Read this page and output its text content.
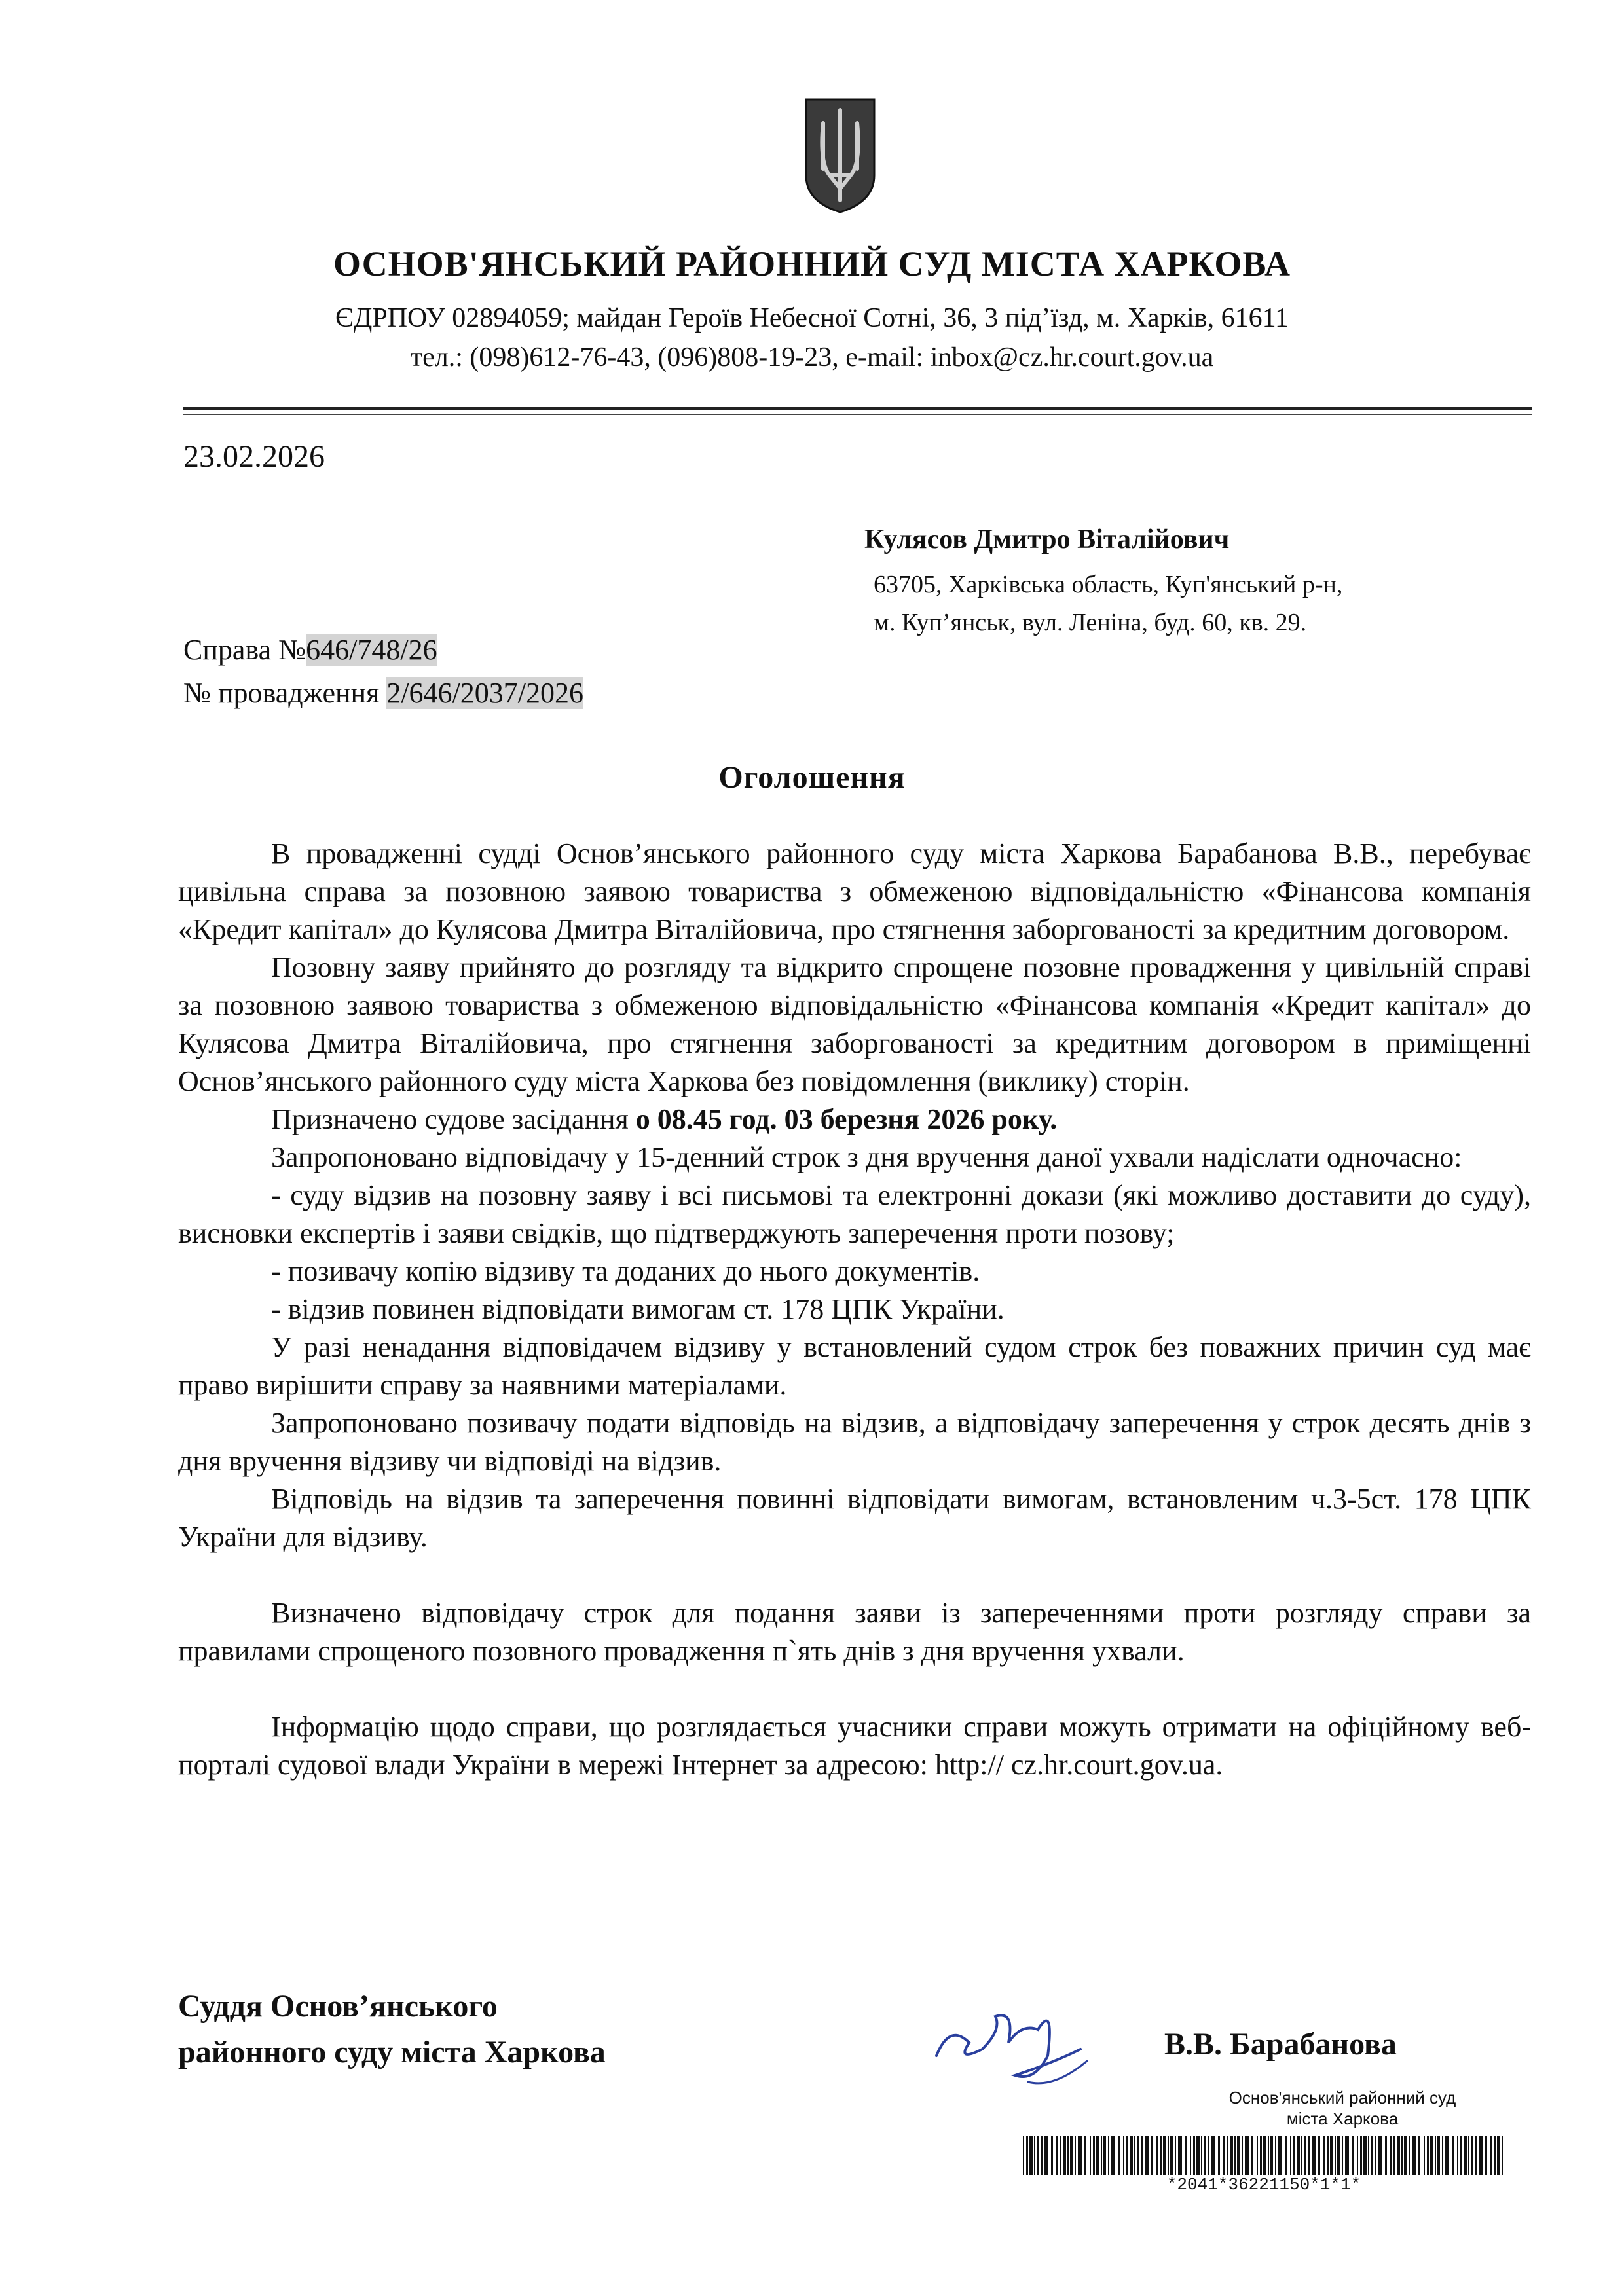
ОСНОВ'ЯНСЬКИЙ РАЙОННИЙ СУД МІСТА ХАРКОВА
ЄДРПОУ 02894059; майдан Героїв Небесної Сотні, 36, 3 під’їзд, м. Харків, 61611
тел.: (098)612-76-43, (096)808-19-23, e-mail: inbox@cz.hr.court.gov.ua
23.02.2026
Кулясов Дмитро Віталійович
63705, Харківська область, Куп'янський р-н,
м. Куп’янськ, вул. Леніна, буд. 60, кв. 29.
Справа №646/748/26
№ провадження 2/646/2037/2026
Оголошення

В провадженні судді Основ’янського районного суду міста Харкова Барабанова В.В., перебуває цивільна справа за позовною заявою товариства з обмеженою відповідальністю «Фінансова компанія «Кредит капітал» до Кулясова Дмитра Віталійовича, про стягнення заборгованості за кредитним договором.

Позовну заяву прийнято до розгляду та відкрито спрощене позовне провадження у цивільній справі за позовною заявою товариства з обмеженою відповідальністю «Фінансова компанія «Кредит капітал» до Кулясова Дмитра Віталійовича, про стягнення заборгованості за кредитним договором в приміщенні Основ’янського районного суду міста Харкова без повідомлення (виклику) сторін.

Призначено судове засідання о 08.45 год. 03 березня 2026 року.

Запропоновано відповідачу у 15-денний строк з дня вручення даної ухвали надіслати одночасно:

- суду відзив на позовну заяву і всі письмові та електронні докази (які можливо доставити до суду), висновки експертів і заяви свідків, що підтверджують заперечення проти позову;

- позивачу копію відзиву та доданих до нього документів.

- відзив повинен відповідати вимогам ст. 178 ЦПК України.

У разі ненадання відповідачем відзиву у встановлений судом строк без поважних причин суд має право вирішити справу за наявними матеріалами.

Запропоновано позивачу подати відповідь на відзив, а відповідачу заперечення у строк десять днів з дня вручення відзиву чи відповіді на відзив.

Відповідь на відзив та заперечення повинні відповідати вимогам, встановленим ч.3-5ст. 178 ЦПК України для відзиву.

Визначено відповідачу строк для подання заяви із запереченнями проти розгляду справи за правилами спрощеного позовного провадження п`ять днів з дня вручення ухвали.

Інформацію щодо справи, що розглядається учасники справи можуть отримати на офіційному веб-порталі судової влади України в мережі Інтернет за адресою: http:// cz.hr.court.gov.ua.

Суддя Основ’янського
районного суду міста Харкова	В.В. Барабанова
Основ'янський районний суд
міста Харкова
*2041*36221150*1*1*
